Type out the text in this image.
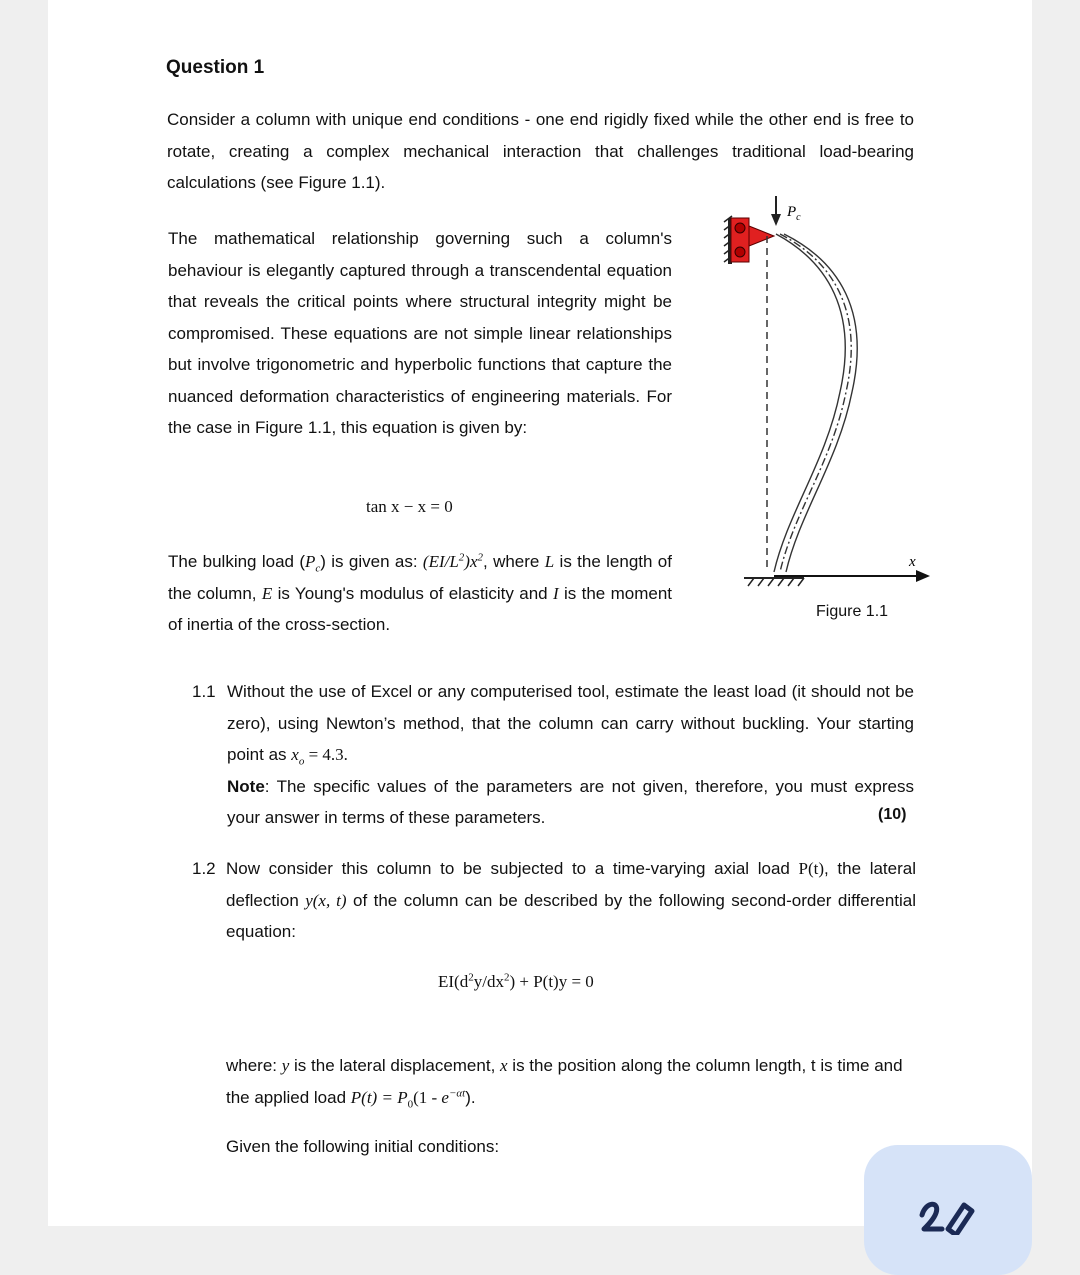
Question 1
Consider a column with unique end conditions - one end rigidly fixed while the other end is free to rotate, creating a complex mechanical interaction that challenges traditional load-bearing calculations (see Figure 1.1).
The mathematical relationship governing such a column's behaviour is elegantly captured through a transcendental equation that reveals the critical points where structural integrity might be compromised. These equations are not simple linear relationships but involve trigonometric and hyperbolic functions that capture the nuanced deformation characteristics of engineering materials. For the case in Figure 1.1, this equation is given by:
tan x − x = 0
The bulking load $(P_c)$ is given as: $(EI/L^2)x^2$, where L is the length of the column, E is Young's modulus of elasticity and I is the moment of inertia of the cross-section.
$P_c$
x
Figure 1.1
1.1 Without the use of Excel or any computerised tool, estimate the least load (it should not be zero), using Newton’s method, that the column can carry without buckling. Your starting point as $x_o = 4.3$.
Note: The specific values of the parameters are not given, therefore, you must express your answer in terms of these parameters.	(10)
1.2 Now consider this column to be subjected to a time-varying axial load P(t), the lateral deflection y(x, t) of the column can be described by the following second-order differential equation:
$EI(d^2y/dx^2) + P(t)y = 0$
where: y is the lateral displacement, x is the position along the column length, t is time and the applied load $P(t) = P_0(1 - e^{-\alpha t})$.
Given the following initial conditions:
